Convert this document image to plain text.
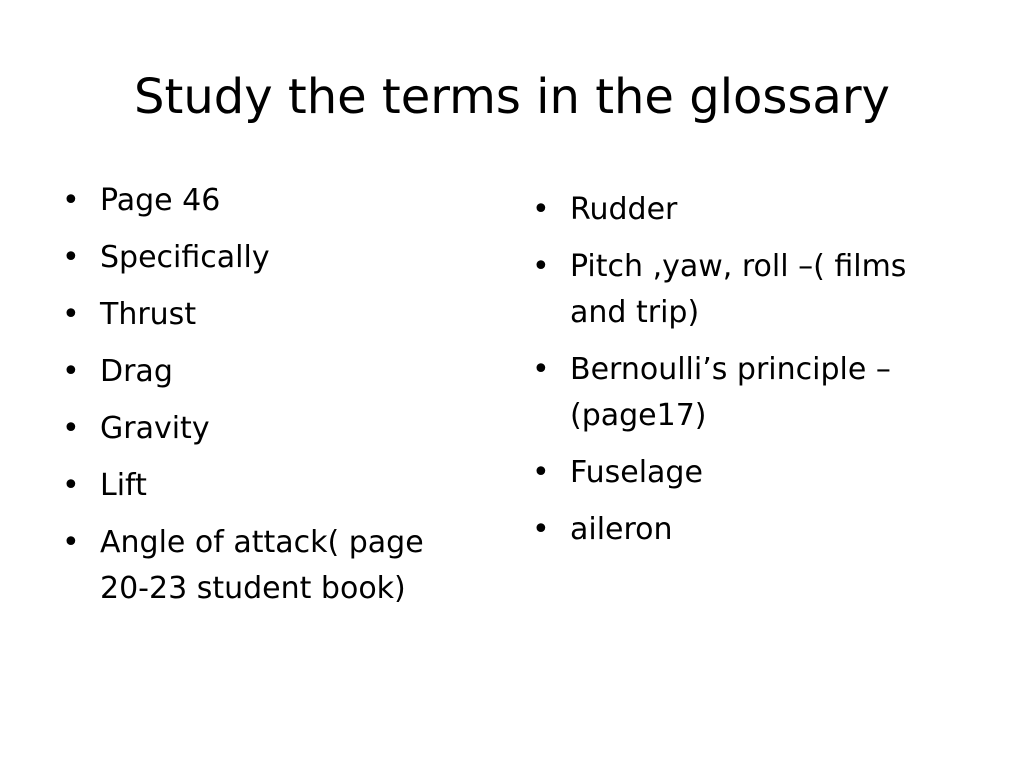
Study the terms in the glossary
• Page 46
• Specifically
• Thrust
• Drag
• Gravity
• Lift
• Angle of attack( page 20-23 student book)
• Rudder
• Pitch ,yaw, roll –( films and trip)
• Bernoulli’s principle – (page17)
• Fuselage
• aileron
